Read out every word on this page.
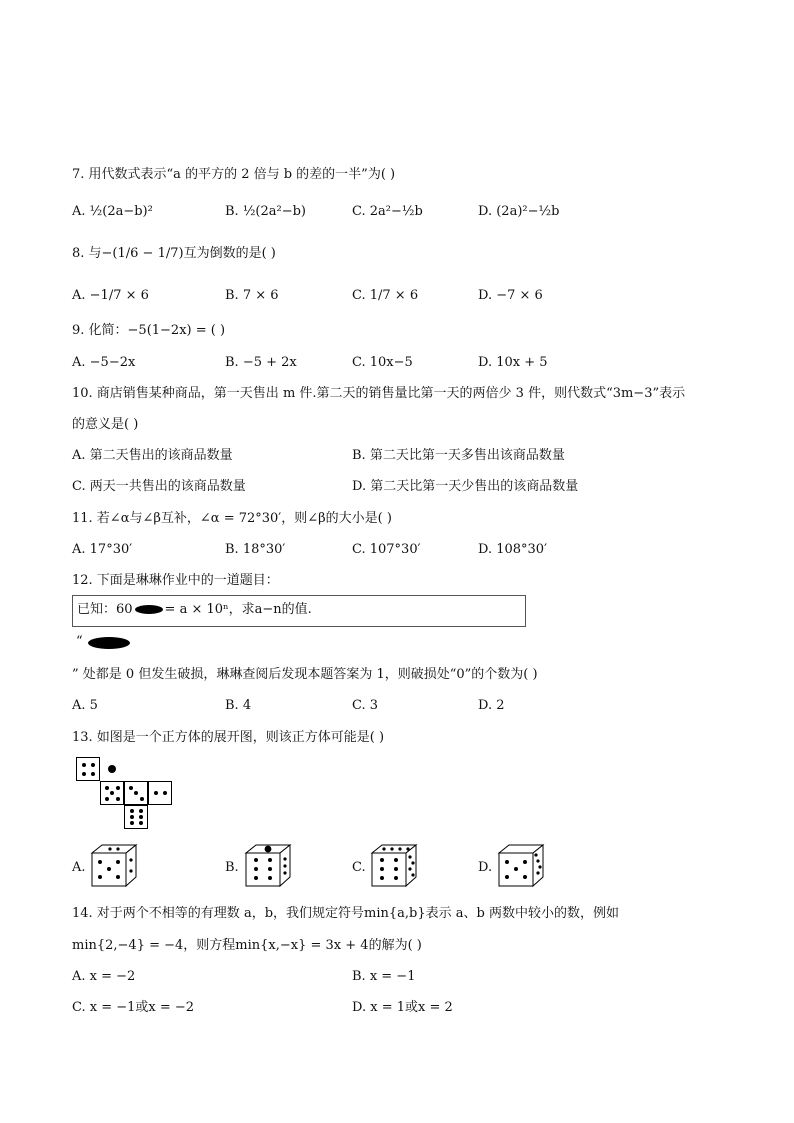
7. 用代数式表示“a 的平方的 2 倍与 b 的差的一半”为( )
A. ½(2a−b)²	B. ½(2a²−b)	C. 2a²−½b	D. (2a)²−½b
8. 与−(1/6 − 1/7)互为倒数的是( )
A. −1/7 × 6	B. 7 × 6	C. 1/7 × 6	D. −7 × 6
9. 化简：−5(1−2x) = ( )
A. −5−2x	B. −5 + 2x	C. 10x−5	D. 10x + 5
10. 商店销售某种商品，第一天售出 m 件.第二天的销售量比第一天的两倍少 3 件，则代数式“3m−3”表示
的意义是( )
A. 第二天售出的该商品数量	B. 第二天比第一天多售出该商品数量
C. 两天一共售出的该商品数量	D. 第二天比第一天少售出的该商品数量
11. 若∠α与∠β互补，∠α = 72°30′，则∠β的大小是( )
A. 17°30′	B. 18°30′	C. 107°30′	D. 108°30′
12. 下面是琳琳作业中的一道题目：
已知：60 = a × 10ⁿ，求a−n的值.
“
” 处都是 0 但发生破损，琳琳查阅后发现本题答案为 1，则破损处“0”的个数为( )
A. 5	B. 4	C. 3	D. 2
13. 如图是一个正方体的展开图，则该正方体可能是( )
A.	B.	C.	D.
14. 对于两个不相等的有理数 a，b，我们规定符号min{a,b}表示 a、b 两数中较小的数，例如
min{2,−4} = −4，则方程min{x,−x} = 3x + 4的解为( )
A. x = −2	B. x = −1
C. x = −1或x = −2	D. x = 1或x = 2
